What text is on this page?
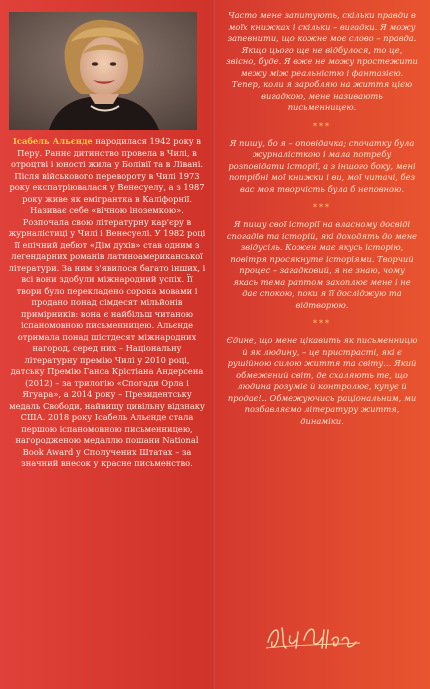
Ісабель Альєнде народилася 1942 року в Перу. Раннє дитинство провела в Чилі, в отроцтві і юності жила у Болівії та в Лівані. Після військового перевороту в Чилі 1973 року експатріювалася у Венесуелу, а з 1987 року живе як емігрантка в Каліфорнії. Називає себе «вічною іноземкою». Розпочала свою літературну кар'єру в журналістиці у Чилі і Венесуелі. У 1982 році її епічний дебют «Дім духів» став одним з легендарних романів латиноамериканської літератури. За ним з'явилося багато інших, і всі вони здобули міжнародний успіх. Її твори було перекладено сорока мовами і продано понад сімдесят мільйонів примірників: вона є найбільш читаною іспаномовною письменницею. Альєнде отримала понад шістдесят міжнародних нагород, серед них – Національну літературну премію Чилі у 2010 році, датську Премію Ганса Крістіана Андерсена (2012) – за трилогію «Спогади Орла і Ягуара», а 2014 року – Президентську медаль Свободи, найвищу цивільну відзнаку США. 2018 року Ісабель Альєнде стала першою іспаномовною письменницею, нагородженою медаллю пошани National Book Award у Сполучених Штатах – за значний внесок у красне письменство.

Часто мене запитують, скільки правди в моїх книжках і скільки – вигадки. Я можу запевнити, що кожне моє слово – правда. Якщо цього ще не відбулося, то це, звісно, буде. Я вже не можу простежити межу між реальністю і фантазією. Тепер, коли я заробляю на життя цією вигадкою, мене називають письменницею.

***

Я пишу, бо я – оповідачка; спочатку була журналісткою і мала потребу розповідати історії, а з іншого боку, мені потрібні мої книжки і ви, мої читачі, без вас моя творчість була б неповною.

***

Я пишу свої історії на власному досвіді спогадів та історій, які доходять до мене звідусіль. Кожен має якусь історію, повітря просякнуте історіями. Творчий процес – загадковий, я не знаю, чому якась тема раптом захоплює мене і не дає спокою, поки я її досліджую та відтворюю.

***

Єдине, що мене цікавить як письменницю й як людину, – це пристрасті, які є рушійною силою життя та світу… Який обмежений світ, де схаляють те, що людина розуміє й контролює, купує й продає!.. Обмежуючись раціональним, ми позбавляємо літературу життя, динаміки.
